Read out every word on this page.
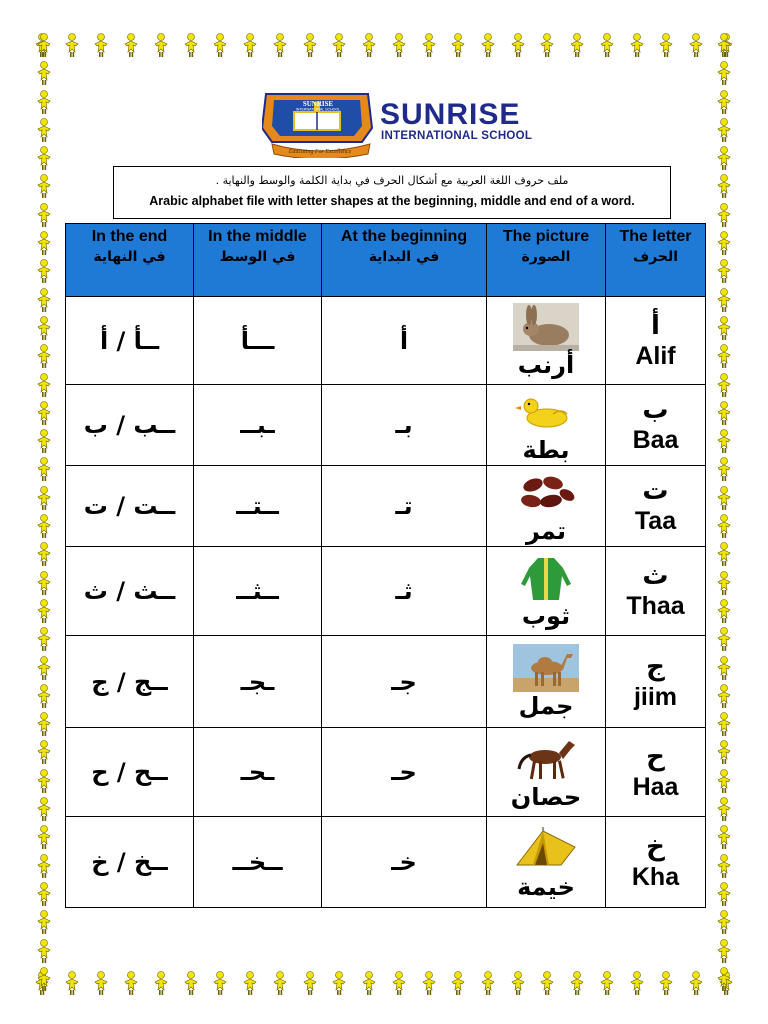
SUNRISE
INTERNATIONAL SCHOOL
Educating For Excellence
SUNRISE
INTERNATIONAL SCHOOL
ملف حروف اللغة العربية مع أشكال الحرف في بداية الكلمة والوسط والنهاية .
Arabic alphabet file with letter shapes at the beginning, middle and end of a word.
In the end
في النهاية	In the middle
في الوسط	At the beginning
في البداية	The picture
الصورة	The letter
الحرف

ــأ / أ	ـــأ	أ	أرنب	أ
Alif

ــب / ب	ـبــ	بـ	بطة	ب
Baa

ــت / ت	ــتــ	تـ	تمر	ت
Taa

ــث / ث	ــثــ	ثـ	ثوب	ث
Thaa

ــج / ج	ـجـ	جـ	جمل	ج
jiim

ــح / ح	ـحـ	حـ	حصان	ح
Haa

ــخ / خ	ــخــ	خـ	خيمة	خ
Kha
